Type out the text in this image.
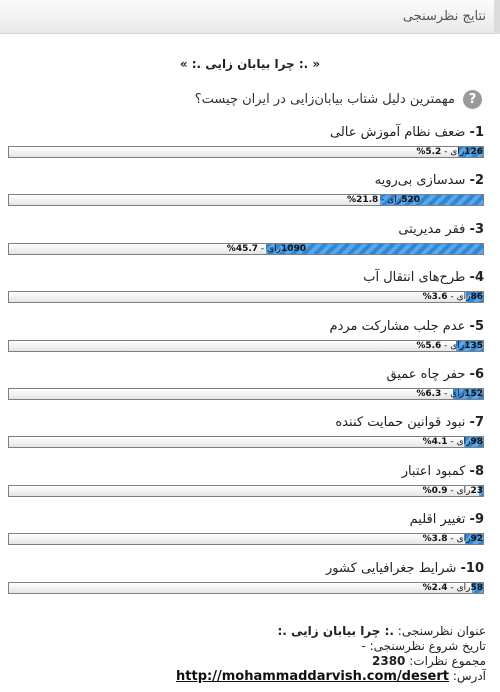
نتایج نظرسنجی
« .: چرا بیابان زایی .: »
?
مهمترین دلیل شتاب بیابان‌زایی در ایران چیست؟
1- ضعف نظام آموزش عالی
126رای - 5.2%
2- سدسازی بی‌رویه
520رای - 21.8%
3- فقر مدیریتی
1090رای - 45.7%
4- طرح‌های انتقال آب
86رای - 3.6%
5- عدم جلب مشارکت مردم
135رای - 5.6%
6- حفر چاه عمیق
152رای - 6.3%
7- نبود قوانین حمایت کننده
98رای - 4.1%
8- کمبود اعتبار
23رای - 0.9%
9- تغییر اقلیم
92رای - 3.8%
10- شرایط جغرافیایی کشور
58رای - 2.4%
عنوان نظرسنجی: .: چرا بیابان زایی .:
تاریخ شروع نظرسنجی: -
مجموع نظرات: 2380
آدرس: http://mohammaddarvish.com/desert
